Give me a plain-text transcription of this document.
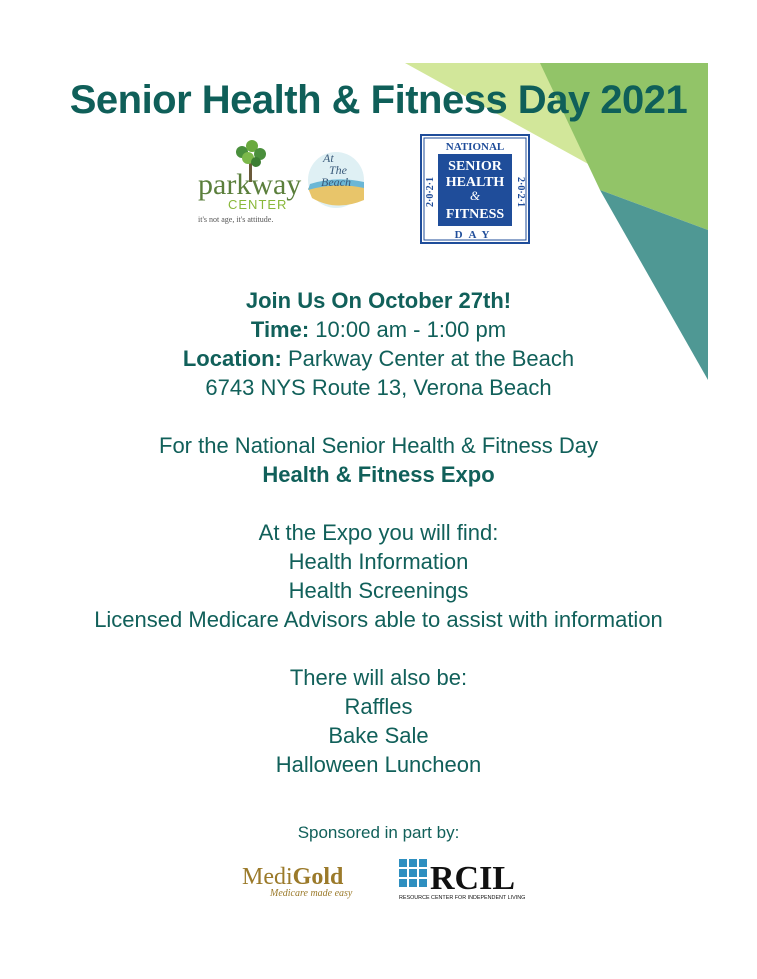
Senior Health & Fitness Day 2021
parkway
CENTER
it's not age, it's attitude.
At
The
Beach
NATIONAL
SENIOR
HEALTH
&
FITNESS
DAY
2·0·2·1	2·0·2·1
Join Us On October 27th!
Time: 10:00 am - 1:00 pm
Location: Parkway Center at the Beach
6743 NYS Route 13, Verona Beach
For the National Senior Health & Fitness Day
Health & Fitness Expo
At the Expo you will find:
Health Information
Health Screenings
Licensed Medicare Advisors able to assist with information
There will also be:
Raffles
Bake Sale
Halloween Luncheon
Sponsored in part by:
MediGold
Medicare made easy RCIL
RESOURCE CENTER FOR INDEPENDENT LIVING
